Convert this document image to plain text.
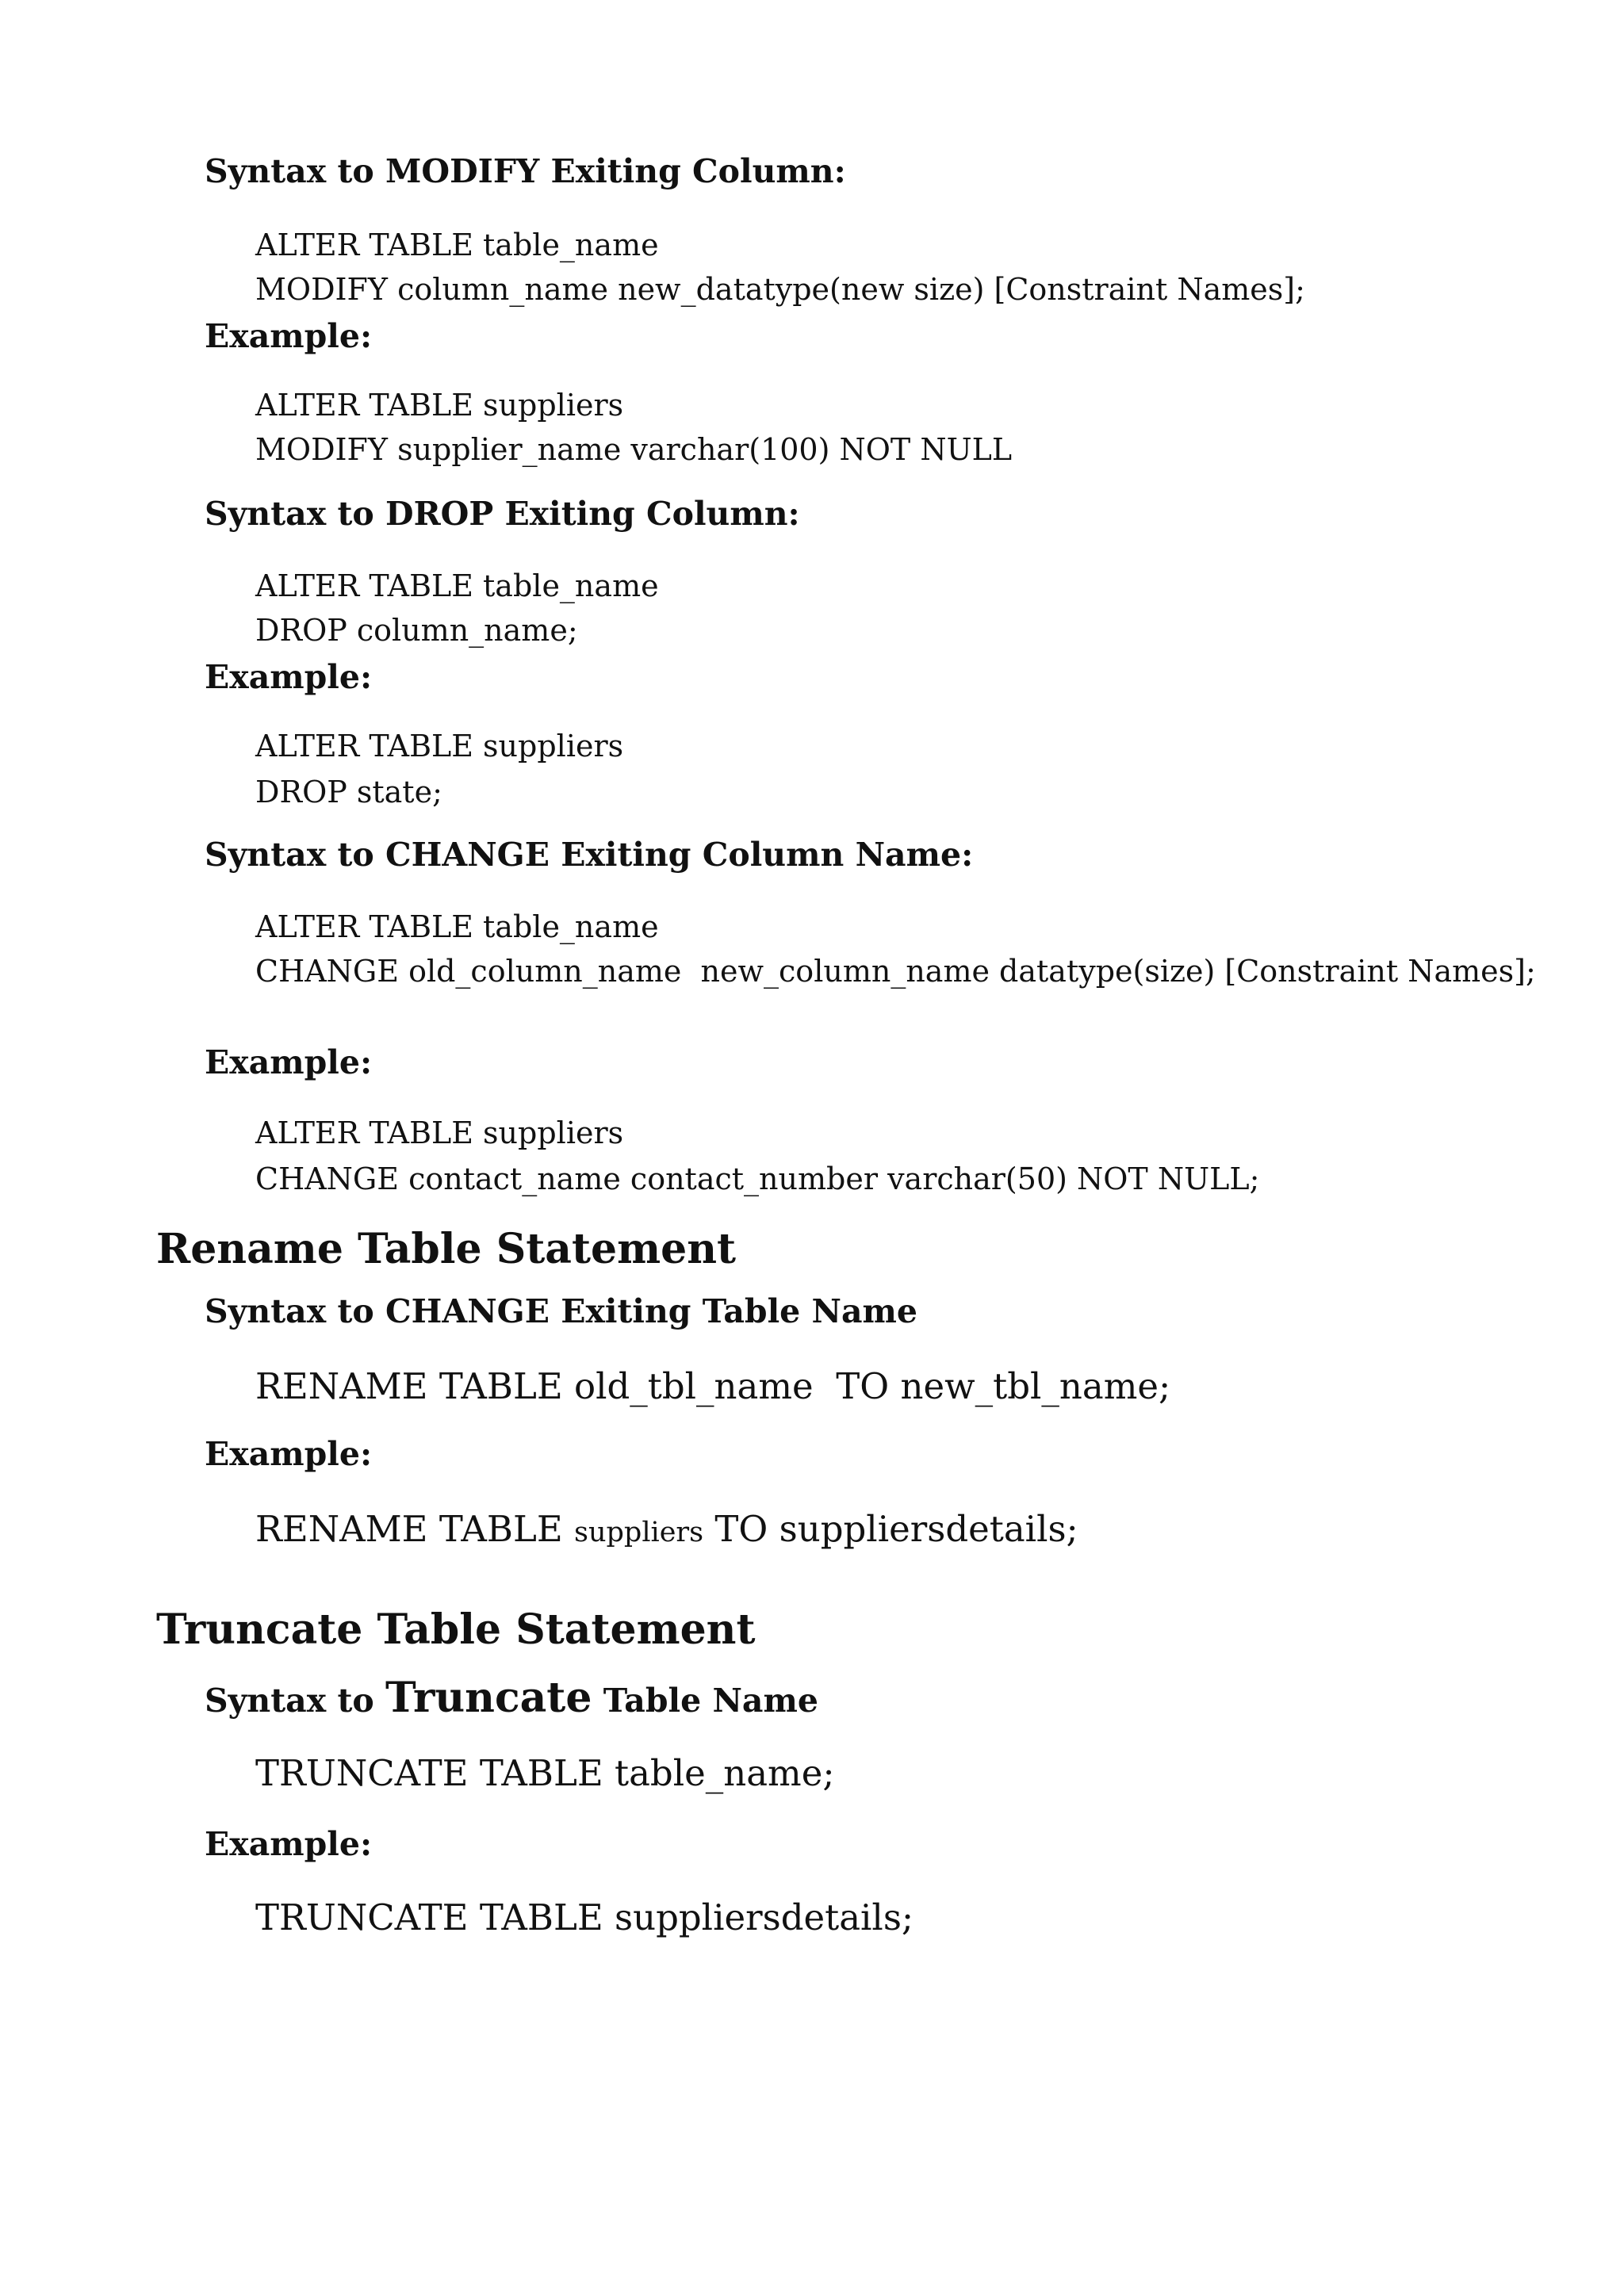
Syntax to MODIFY Exiting Column:

ALTER TABLE table_name

MODIFY column_name new_datatype(new size) [Constraint Names];

Example:

ALTER TABLE suppliers

MODIFY supplier_name varchar(100) NOT NULL

Syntax to DROP Exiting Column:

ALTER TABLE table_name

DROP column_name;

Example:

ALTER TABLE suppliers

DROP state;

Syntax to CHANGE Exiting Column Name:

ALTER TABLE table_name

CHANGE old_column_name  new_column_name datatype(size) [Constraint Names];

Example:

ALTER TABLE suppliers

CHANGE contact_name contact_number varchar(50) NOT NULL;

Rename Table Statement

Syntax to CHANGE Exiting Table Name

RENAME TABLE old_tbl_name  TO new_tbl_name;

Example:

RENAME TABLE suppliers TO suppliersdetails;

Truncate Table Statement

Syntax to Truncate Table Name

TRUNCATE TABLE table_name;

Example:

TRUNCATE TABLE suppliersdetails;
